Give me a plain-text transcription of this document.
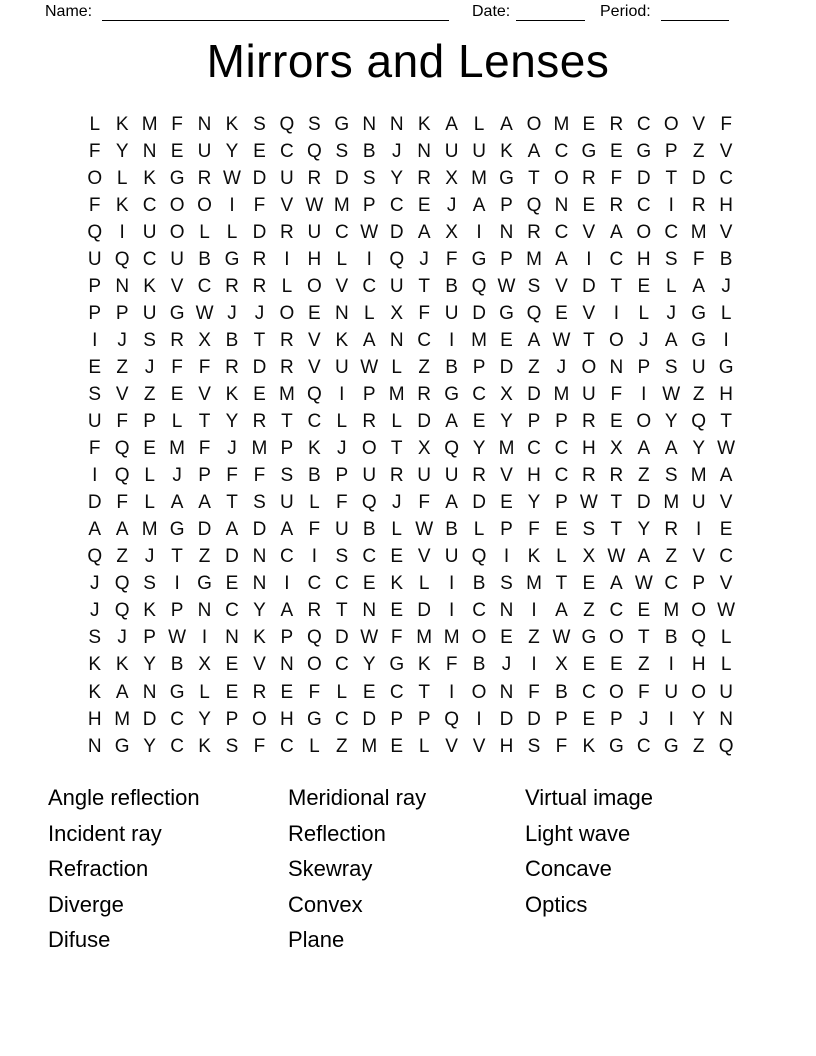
Name:	Date:	Period:
Mirrors and Lenses
L K M F N K S Q S G N N K A L A O M E R C O V F
F Y N E U Y E C Q S B J N U U K A C G E G P Z V
O L K G R W D U R D S Y R X M G T O R F D T D C
F K C O O I	F V W M P C E J A P Q N E R C I R H
Q I U O L L D R U C W D A X I N R C V A O C M V
U Q C U B G R I H L	I Q J F G P M A I C H S F B
P N K V C R R L O V C U T B Q W S V D T E L A J
P P U G W J J O E N L X F U D G Q E V I	L J G L
I	J S R X B T R V K A N C I M E A W T O J A G I
E Z J F F R D R V U W L Z B P D Z J O N P S U G
S V Z E V K E M Q I P M R G C X D M U F	I W Z H
U F P L T Y R T C L R L D A E Y P P R E O Y Q T
F Q E M F J M P K J O T X Q Y M C C H X A A Y W
I Q L J P F F S B P U R U U R V H C R R Z S M A
D F L A A T S U L F Q J F A D E Y P W T D M U V
A A M G D A D A F U B L W B L P F E S T Y R I E
Q Z J T Z D N C I S C E V U Q I K L X W A Z V C
J Q S I G E N I C C E K L	I B S M T E A W C P V
J Q K P N C Y A R T N E D I C N I A Z C E M O W
S J P W I N K P Q D W F M M O E Z W G O T B Q L
K K Y B X E V N O C Y G K F B J	I X E E Z	I H L
K A N G L E R E F L E C T	I O N F B C O F U O U
H M D C Y P O H G C D P P Q I D D P E P J	I Y N
N G Y C K S F C L Z M E L V V H S F K G C G Z Q
Angle reflection
Incident ray
Refraction
Diverge
Difuse
Meridional ray
Reflection
Skewray
Convex
Plane
Virtual image
Light wave
Concave
Optics
